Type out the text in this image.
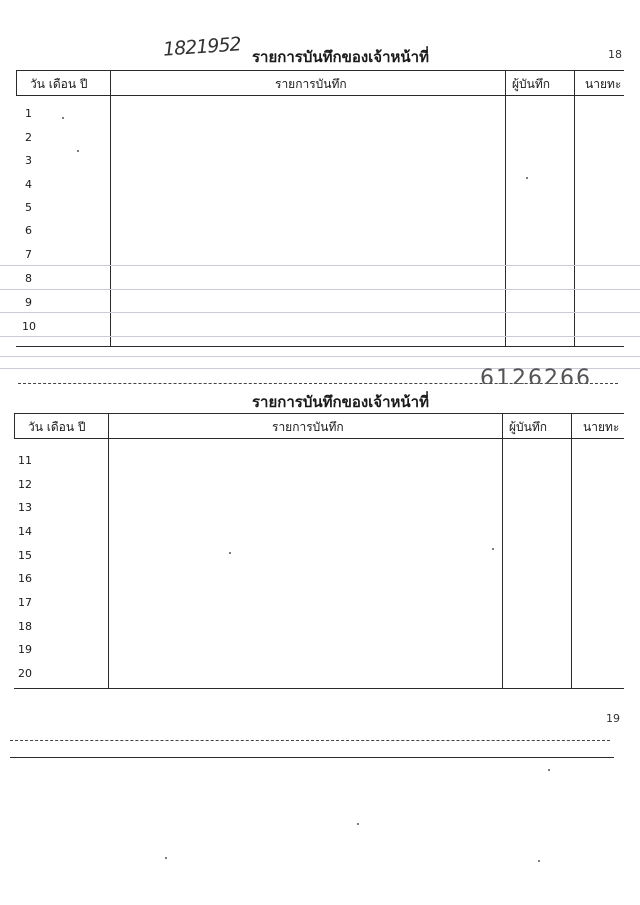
1821952 รายการบันทึกของเจ้าหน้าที่	18
วัน เดือน ปี	รายการบันทึก	ผู้บันทึก	นายทะ
1
2
3
4
5
6
7
8
9
10
6126266
รายการบันทึกของเจ้าหน้าที่
วัน เดือน ปี	รายการบันทึก	ผู้บันทึก	นายทะ
11
12
13
14
15
16
17
18
19
20
19
